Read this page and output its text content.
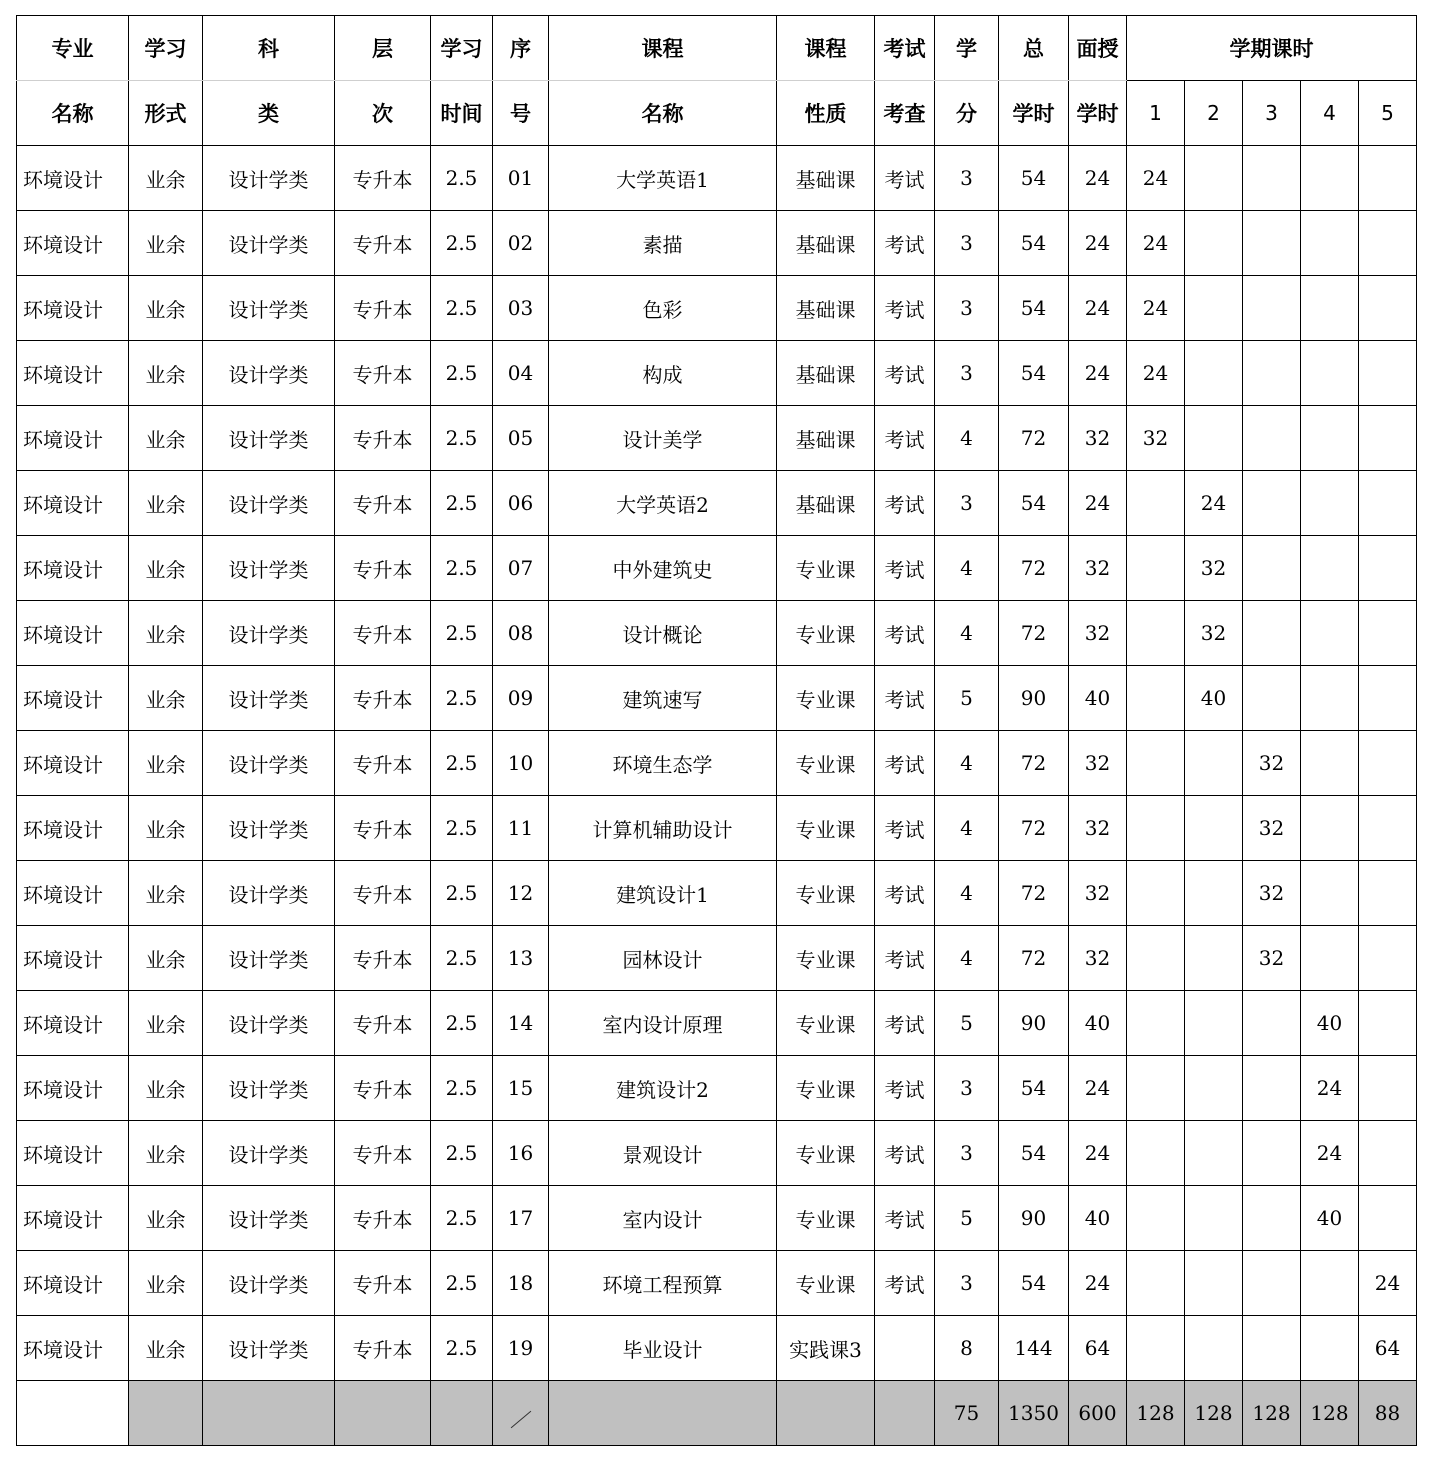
专业	学习	科	层	学习	序	课程	课程	考试	学	总	面授	学期课时				
名称	形式	类	次	时间	号	名称	性质	考查	分	学时	学时	1	2	3	4	5
环境设计	业余	设计学类	专升本	2.5	01	大学英语1	基础课	考试	3	54	24	24				
环境设计	业余	设计学类	专升本	2.5	02	素描	基础课	考试	3	54	24	24				
环境设计	业余	设计学类	专升本	2.5	03	色彩	基础课	考试	3	54	24	24				
环境设计	业余	设计学类	专升本	2.5	04	构成	基础课	考试	3	54	24	24				
环境设计	业余	设计学类	专升本	2.5	05	设计美学	基础课	考试	4	72	32	32				
环境设计	业余	设计学类	专升本	2.5	06	大学英语2	基础课	考试	3	54	24		24			
环境设计	业余	设计学类	专升本	2.5	07	中外建筑史	专业课	考试	4	72	32		32			
环境设计	业余	设计学类	专升本	2.5	08	设计概论	专业课	考试	4	72	32		32			
环境设计	业余	设计学类	专升本	2.5	09	建筑速写	专业课	考试	5	90	40		40			
环境设计	业余	设计学类	专升本	2.5	10	环境生态学	专业课	考试	4	72	32			32		
环境设计	业余	设计学类	专升本	2.5	11	计算机辅助设计	专业课	考试	4	72	32			32		
环境设计	业余	设计学类	专升本	2.5	12	建筑设计1	专业课	考试	4	72	32			32		
环境设计	业余	设计学类	专升本	2.5	13	园林设计	专业课	考试	4	72	32			32		
环境设计	业余	设计学类	专升本	2.5	14	室内设计原理	专业课	考试	5	90	40				40	
环境设计	业余	设计学类	专升本	2.5	15	建筑设计2	专业课	考试	3	54	24				24	
环境设计	业余	设计学类	专升本	2.5	16	景观设计	专业课	考试	3	54	24				24	
环境设计	业余	设计学类	专升本	2.5	17	室内设计	专业课	考试	5	90	40				40	
环境设计	业余	设计学类	专升本	2.5	18	环境工程预算	专业课	考试	3	54	24					24
环境设计	业余	设计学类	专升本	2.5	19	毕业设计	实践课3		8	144	64					64
									75	1350	600	128	128	128	128	88
